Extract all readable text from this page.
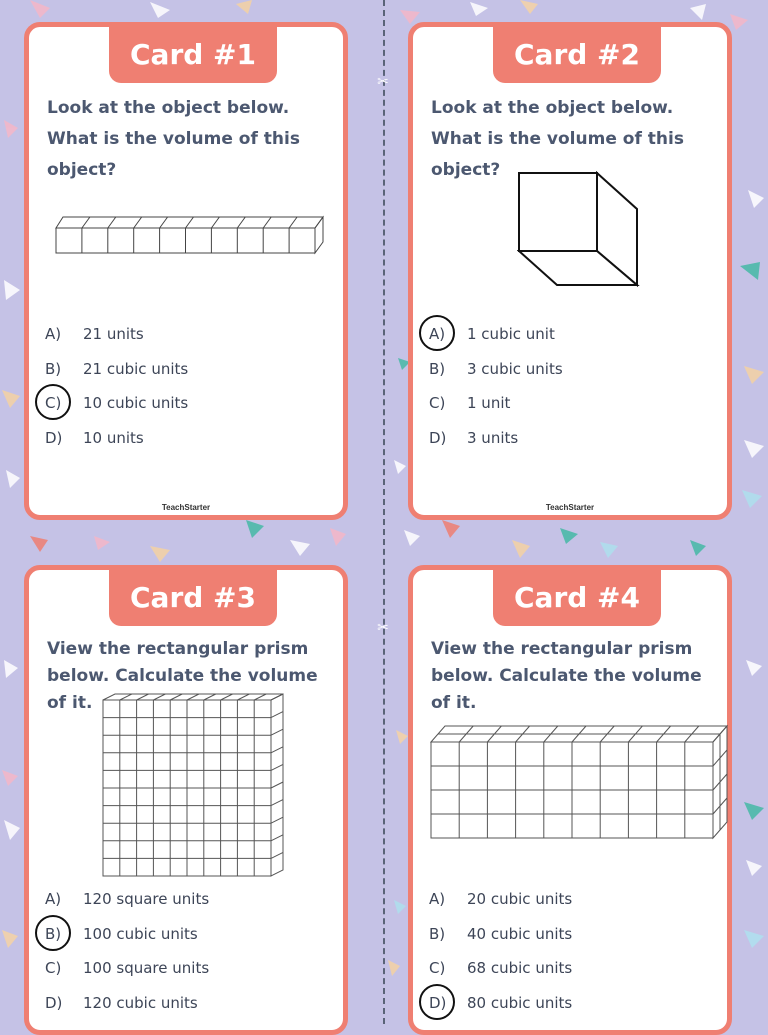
✂
✂
Card #1
Look at the object below. What is the volume of this object?
A)	21 units
B)	21 cubic units
C)	10 cubic units
D)	10 units
TeachStarter
Card #2
Look at the object below. What is the volume of this object?
A)	1 cubic unit
B)	3 cubic units
C)	1 unit
D)	3 units
TeachStarter
Card #3
View the rectangular prism below. Calculate the volume of it.
A)	120 square units
B)	100 cubic units
C)	100 square units
D)	120 cubic units
Card #4
View the rectangular prism below. Calculate the volume of it.
A)	20 cubic units
B)	40 cubic units
C)	68 cubic units
D)	80 cubic units
